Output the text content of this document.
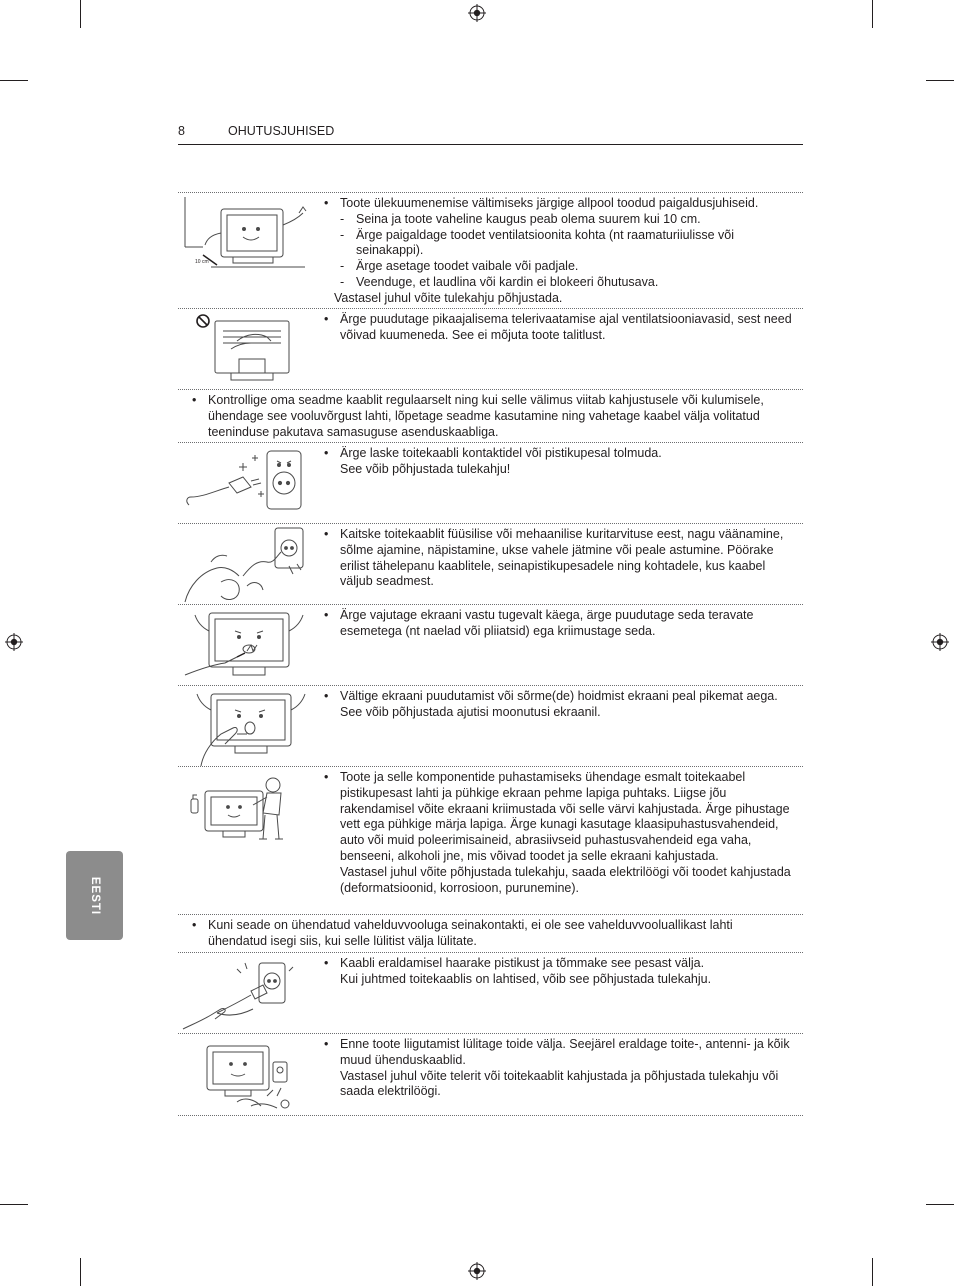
8	OHUTUSJUHISED
EESTI
10 cm
• Toote ülekuumenemise vältimiseks järgige allpool toodud paigaldusjuhiseid.
- Seina ja toote vaheline kaugus peab olema suurem kui 10 cm.
- Ärge paigaldage toodet ventilatsioonita kohta (nt raamaturiiulisse või seinakappi).
- Ärge asetage toodet vaibale või padjale.
- Veenduge, et laudlina või kardin ei blokeeri õhutusava.
Vastasel juhul võite tulekahju põhjustada.
• Ärge puudutage pikaajalisema telerivaatamise ajal ventilatsiooniavasid, sest need võivad kuumeneda. See ei mõjuta toote talitlust.
• Kontrollige oma seadme kaablit regulaarselt ning kui selle välimus viitab kahjustusele või kulumisele, ühendage see vooluvõrgust lahti, lõpetage seadme kasutamine ning vahetage kaabel välja volitatud teeninduse pakutava samasuguse asenduskaabliga.
• Ärge laske toitekaabli kontaktidel või pistikupesal tolmuda.
See võib põhjustada tulekahju!
• Kaitske toitekaablit füüsilise või mehaanilise kuritarvituse eest, nagu väänamine, sõlme ajamine, näpistamine, ukse vahele jätmine või peale astumine. Pöörake erilist tähelepanu kaablitele, seinapistikupesadele ning kohtadele, kus kaabel väljub seadmest.
• Ärge vajutage ekraani vastu tugevalt käega, ärge puudutage seda teravate esemetega (nt naelad või pliiatsid) ega kriimustage seda.
• Vältige ekraani puudutamist või sõrme(de) hoidmist ekraani peal pikemat aega. See võib põhjustada ajutisi moonutusi ekraanil.
• Toote ja selle komponentide puhastamiseks ühendage esmalt toitekaabel pistikupesast lahti ja pühkige ekraan pehme lapiga puhtaks. Liigse jõu rakendamisel võite ekraani kriimustada või selle värvi kahjustada. Ärge pihustage vett ega pühkige märja lapiga. Ärge kunagi kasutage klaasipuhastusvahendeid, auto või muid poleerimisaineid, abrasiivseid puhastusvahendeid ega vaha, benseeni, alkoholi jne, mis võivad toodet ja selle ekraani kahjustada.
Vastasel juhul võite põhjustada tulekahju, saada elektrilöögi või toodet kahjustada (deformatsioonid, korrosioon, purunemine).
• Kuni seade on ühendatud vahelduvvooluga seinakontakti, ei ole see vahelduvvooluallikast lahti ühendatud isegi siis, kui selle lülitist välja lülitate.
• Kaabli eraldamisel haarake pistikust ja tõmmake see pesast välja.
Kui juhtmed toitekaablis on lahtised, võib see põhjustada tulekahju.
• Enne toote liigutamist lülitage toide välja. Seejärel eraldage toite-, antenni- ja kõik muud ühenduskaablid.
Vastasel juhul võite telerit või toitekaablit kahjustada ja põhjustada tulekahju või saada elektrilöögi.
